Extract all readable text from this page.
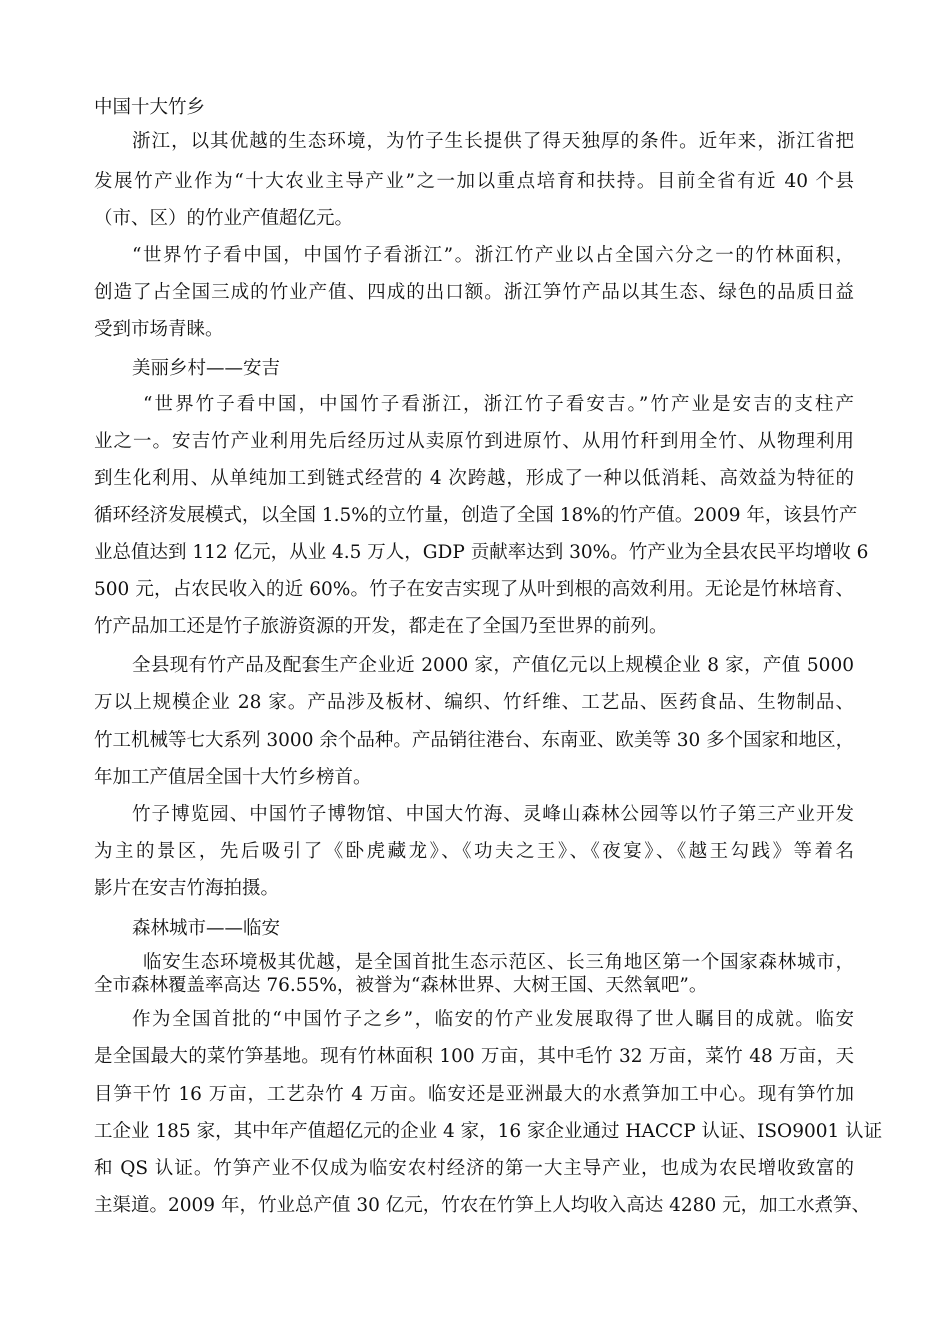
中国十大竹乡
浙江，以其优越的生态环境，为竹子生长提供了得天独厚的条件。近年来，浙江省把
发展竹产业作为“十大农业主导产业”之一加以重点培育和扶持。目前全省有近 40 个县
（市、区）的竹业产值超亿元。
“世界竹子看中国，中国竹子看浙江”。浙江竹产业以占全国六分之一的竹林面积，
创造了占全国三成的竹业产值、四成的出口额。浙江笋竹产品以其生态、绿色的品质日益
受到市场青睐。
美丽乡村——安吉
“世界竹子看中国，中国竹子看浙江，浙江竹子看安吉。”竹产业是安吉的支柱产
业之一。安吉竹产业利用先后经历过从卖原竹到进原竹、从用竹秆到用全竹、从物理利用
到生化利用、从单纯加工到链式经营的 4 次跨越，形成了一种以低消耗、高效益为特征的
循环经济发展模式，以全国 1.5%的立竹量，创造了全国 18%的竹产值。2009 年，该县竹产
业总值达到 112 亿元，从业 4.5 万人，GDP 贡献率达到 30%。竹产业为全县农民平均增收 6
500 元，占农民收入的近 60%。竹子在安吉实现了从叶到根的高效利用。无论是竹林培育、
竹产品加工还是竹子旅游资源的开发，都走在了全国乃至世界的前列。
全县现有竹产品及配套生产企业近 2000 家，产值亿元以上规模企业 8 家，产值 5000
万以上规模企业 28 家。产品涉及板材、编织、竹纤维、工艺品、医药食品、生物制品、
竹工机械等七大系列 3000 余个品种。产品销往港台、东南亚、欧美等 30 多个国家和地区，
年加工产值居全国十大竹乡榜首。
竹子博览园、中国竹子博物馆、中国大竹海、灵峰山森林公园等以竹子第三产业开发
为主的景区，先后吸引了《卧虎藏龙》、《功夫之王》、《夜宴》、《越王勾践》等着名
影片在安吉竹海拍摄。
森林城市——临安
临安生态环境极其优越，是全国首批生态示范区、长三角地区第一个国家森林城市，
全市森林覆盖率高达 76.55%，被誉为“森林世界、大树王国、天然氧吧”。
作为全国首批的“中国竹子之乡”，临安的竹产业发展取得了世人瞩目的成就。临安
是全国最大的菜竹笋基地。现有竹林面积 100 万亩，其中毛竹 32 万亩，菜竹 48 万亩，天
目笋干竹 16 万亩，工艺杂竹 4 万亩。临安还是亚洲最大的水煮笋加工中心。现有笋竹加
工企业 185 家，其中年产值超亿元的企业 4 家，16 家企业通过 HACCP 认证、ISO9001 认证
和 QS 认证。竹笋产业不仅成为临安农村经济的第一大主导产业，也成为农民增收致富的
主渠道。2009 年，竹业总产值 30 亿元，竹农在竹笋上人均收入高达 4280 元，加工水煮笋、
